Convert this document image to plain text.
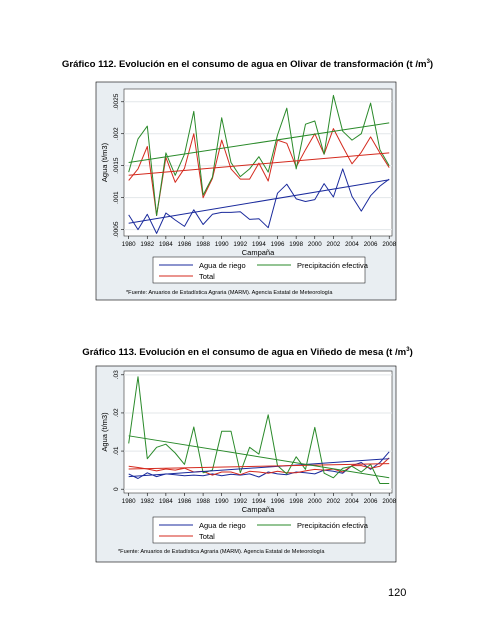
Gráfico 112. Evolución en el consumo de agua en Olivar de transformación (t $/m^3$)
Gráfico 113. Evolución en el consumo de agua en Viñedo de mesa (t $/m^3$)
.0005
.001
.0015
.002
.0025
1980 1982 1984 1986 1988 1990 1992 1994 1996 1998 2000 2002 2004 2006 2008
Campaña
Agua (t/m3)
Agua de riego	Precipitación efectiva
Total
*Fuente: Anuarios de Estadística Agraria (MARM). Agencia Estatal de Meteorología
0
.01
.02
.03
1980 1982 1984 1986 1988 1990 1992 1994 1996 1998 2000 2002 2004 2006 2008
Campaña
Agua (t/m3)
Agua de riego	Precipitación efectiva
Total
*Fuente: Anuarios de Estadística Agraria (MARM). Agencia Estatal de Meteorología
120
